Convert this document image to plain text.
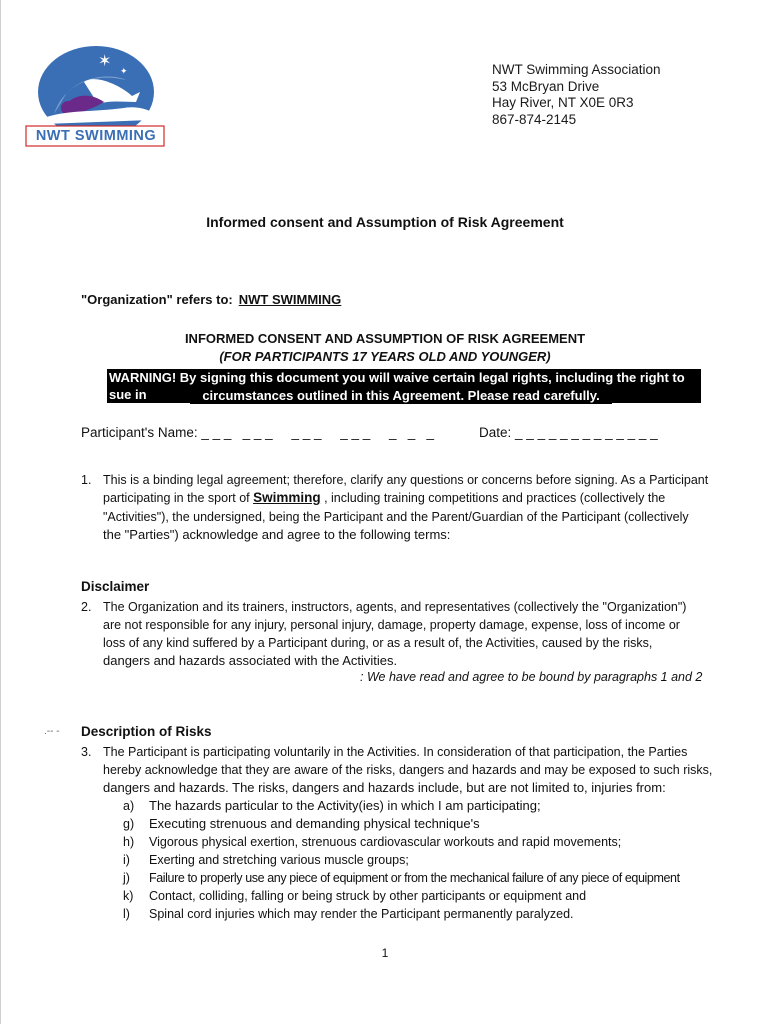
✶
✦
NWT SWIMMING
NWT Swimming Association
53 McBryan Drive
Hay River, NT X0E 0R3
867-874-2145
Informed consent and Assumption of Risk Agreement
"Organization" refers to: NWT SWIMMING
INFORMED CONSENT AND ASSUMPTION OF RISK AGREEMENT
(FOR PARTICIPANTS 17 YEARS OLD AND YOUNGER)
WARNING! By signing this document you will waive certain legal rights, including the right to sue in	circumstances outlined in this Agreement. Please read carefully.
Participant's Name: _ _ _   _ _ _     _ _ _     _ _ _     _   _   _	Date: _ _ _ _ _ _ _ _ _ _ _ _ _
1. This is a binding legal agreement; therefore, clarify any questions or concerns before signing. As a Participant
participating in the sport of Swimming , including training competitions and practices (collectively the
"Activities"), the undersigned, being the Participant and the Parent/Guardian of the Participant (collectively
the "Parties") acknowledge and agree to the following terms:
Disclaimer
2. The Organization and its trainers, instructors, agents, and representatives (collectively the "Organization")
are not responsible for any injury, personal injury, damage, property damage, expense, loss of income or
loss of any kind suffered by a Participant during, or as a result of, the Activities, caused by the risks,
dangers and hazards associated with the Activities.
: We have read and agree to be bound by paragraphs 1 and 2
.-- - Description of Risks
3. The Participant is participating voluntarily in the Activities. In consideration of that participation, the Parties
hereby acknowledge that they are aware of the risks, dangers and hazards and may be exposed to such risks,
dangers and hazards. The risks, dangers and hazards include, but are not limited to, injuries from:
a) The hazards particular to the Activity(ies) in which I am participating;
g) Executing strenuous and demanding physical technique's
h) Vigorous physical exertion, strenuous cardiovascular workouts and rapid movements;
i) Exerting and stretching various muscle groups;
j) Failure to properly use any piece of equipment or from the mechanical failure of any piece of equipment
k) Contact, colliding, falling or being struck by other participants or equipment and
l) Spinal cord injuries which may render the Participant permanently paralyzed.
1
